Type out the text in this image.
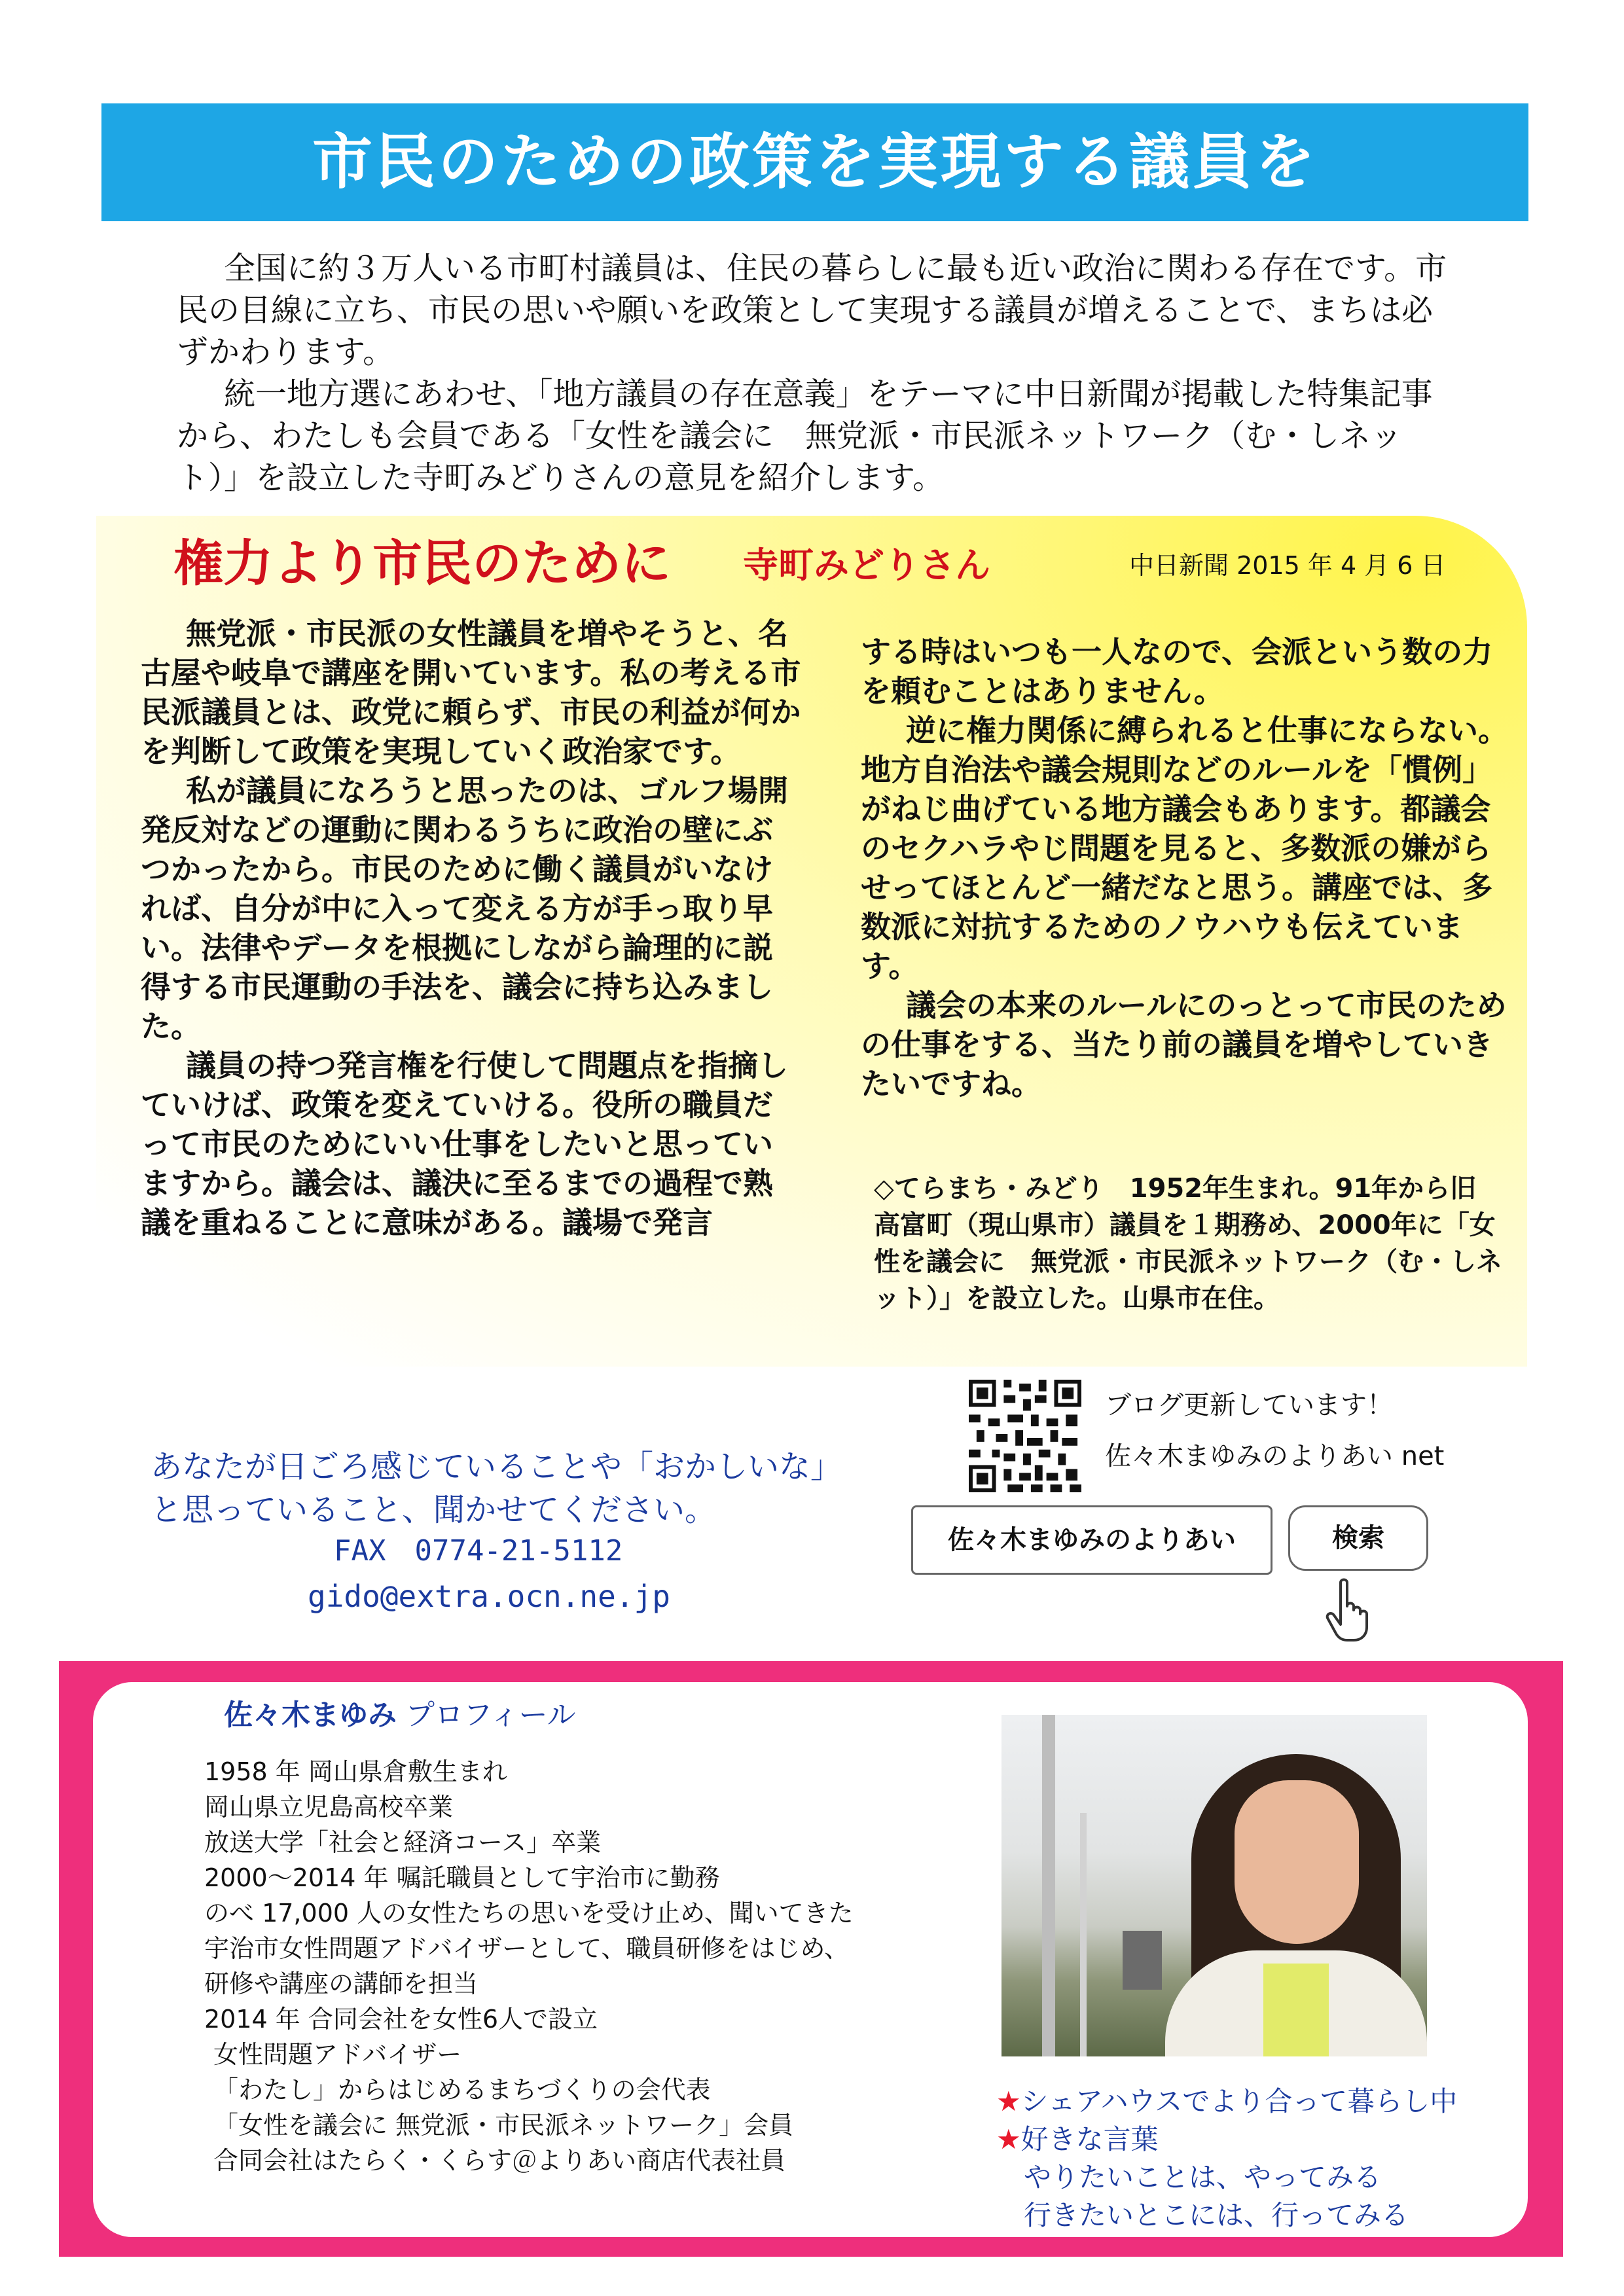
市民のための政策を実現する議員を

全国に約３万人いる市町村議員は、住民の暮らしに最も近い政治に関わる存在です。市民の目線に立ち、市民の思いや願いを政策として実現する議員が増えることで、まちは必ずかわります。

統一地方選にあわせ、「地方議員の存在意義」をテーマに中日新聞が掲載した特集記事から、わたしも会員である「女性を議会に　無党派・市民派ネットワーク（む・しネット）」を設立した寺町みどりさんの意見を紹介します。

権力より市民のために 寺町みどりさん	中日新聞 2015 年 4 月 6 日

無党派・市民派の女性議員を増やそうと、名古屋や岐阜で講座を開いています。私の考える市民派議員とは、政党に頼らず、市民の利益が何かを判断して政策を実現していく政治家です。

私が議員になろうと思ったのは、ゴルフ場開発反対などの運動に関わるうちに政治の壁にぶつかったから。市民のために働く議員がいなければ、自分が中に入って変える方が手っ取り早い。法律やデータを根拠にしながら論理的に説得する市民運動の手法を、議会に持ち込みました。

議員の持つ発言権を行使して問題点を指摘していけば、政策を変えていける。役所の職員だって市民のためにいい仕事をしたいと思っていますから。議会は、議決に至るまでの過程で熟議を重ねることに意味がある。議場で発言

する時はいつも一人なので、会派という数の力を頼むことはありません。

逆に権力関係に縛られると仕事にならない。地方自治法や議会規則などのルールを「慣例」がねじ曲げている地方議会もあります。都議会のセクハラやじ問題を見ると、多数派の嫌がらせってほとんど一緒だなと思う。講座では、多数派に対抗するためのノウハウも伝えています。

議会の本来のルールにのっとって市民のための仕事をする、当たり前の議員を増やしていきたいですね。

◇てらまち・みどり　1952年生まれ。91年から旧高富町（現山県市）議員を１期務め、2000年に「女性を議会に　無党派・市民派ネットワーク（む・しネット）」を設立した。山県市在住。
ブログ更新しています！
佐々木まゆみのよりあい net
佐々木まゆみのよりあい	検索
あなたが日ごろ感じていることや「おかしいな」と思っていること、聞かせてください。
FAX　0774-21-5112
gido@extra.ocn.ne.jp
佐々木まゆみ プロフィール
1958 年 岡山県倉敷生まれ
岡山県立児島高校卒業
放送大学「社会と経済コース」卒業
2000～2014 年 嘱託職員として宇治市に勤務
のべ 17,000 人の女性たちの思いを受け止め、聞いてきた
宇治市女性問題アドバイザーとして、職員研修をはじめ、
研修や講座の講師を担当
2014 年 合同会社を女性6人で設立
女性問題アドバイザー
「わたし」からはじめるまちづくりの会代表
「女性を議会に 無党派・市民派ネットワーク」会員
合同会社はたらく・くらす＠よりあい商店代表社員
★シェアハウスでより合って暮らし中
★好きな言葉
やりたいことは、やってみる
行きたいとこには、行ってみる
